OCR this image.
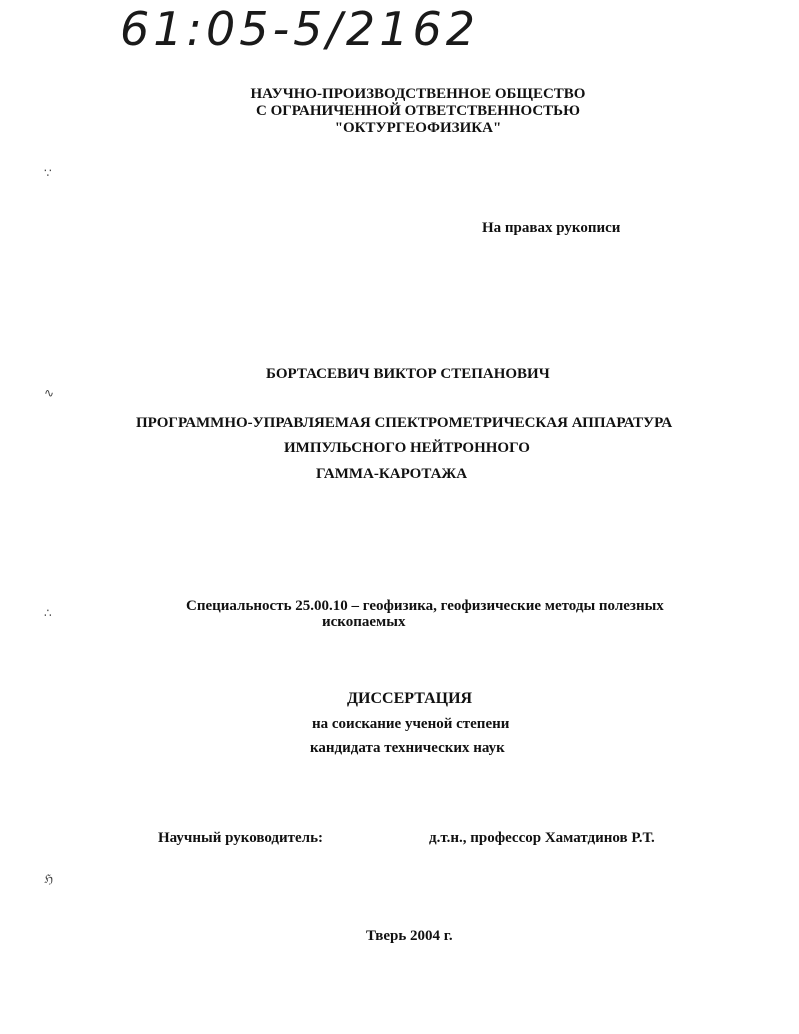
61:05-5/2162
НАУЧНО-ПРОИЗВОДСТВЕННОЕ ОБЩЕСТВО
С ОГРАНИЧЕННОЙ ОТВЕТСТВЕННОСТЬЮ
"ОКТУРГЕОФИЗИКА"
На правах рукописи
БОРТАСЕВИЧ ВИКТОР СТЕПАНОВИЧ
ПРОГРАММНО-УПРАВЛЯЕМАЯ СПЕКТРОМЕТРИЧЕСКАЯ АППАРАТУРА
ИМПУЛЬСНОГО НЕЙТРОННОГО
ГАММА-КАРОТАЖА
Специальность 25.00.10 – геофизика, геофизические методы полезных
ископаемых
ДИССЕРТАЦИЯ
на соискание ученой степени
кандидата технических наук
Научный руководитель:	д.т.н., профессор Хаматдинов Р.Т.
Тверь 2004 г.
∵
∿
∴
ℌ
